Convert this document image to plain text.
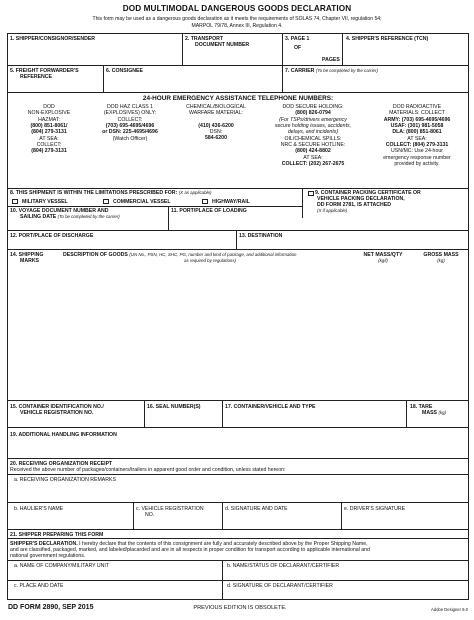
DOD MULTIMODAL DANGEROUS GOODS DECLARATION
This form may be used as a dangerous goods declaration as it meets the requirements of SOLAS 74, Chapter VII, regulation 54;
MARPOL 79/78, Annex III, Regulation 4.
1. SHIPPER/CONSIGNOR/SENDER	2. TRANSPORT
DOCUMENT NUMBER
3. PAGE 1
OF
PAGES
4. SHIPPER'S REFERENCE (TCN)
5. FREIGHT FORWARDER'S
REFERENCE
6. CONSIGNEE	7. CARRIER (To be completed by the carrier)
24-HOUR EMERGENCY ASSISTANCE TELEPHONE NUMBERS:
DOD
NON-EXPLOSIVE
HAZMAT:
(800) 851-8061/
(804) 279-3131
AT SEA:
COLLECT:
(804) 279-3131
DOD HAZ CLASS 1
(EXPLOSIVES) ONLY:
COLLECT:
(703) 695-4695/4696
or DSN: 225-4695/4696
(Watch Officer)
CHEMICAL/BIOLOGICAL
WARFARE MATERIAL:
(410) 436-6200
DSN:
584-6200
DOD SECURE HOLDING:
(800) 826-0794
(For TSPs/drivers emergency
secure holding issues, accidents,
delays, and incidents)
OIL/CHEMICAL SPILLS:
NRC & SECURE HOTLINE:
(800) 424-8802
AT SEA:
COLLECT: (202) 267-2675
DOD RADIOACTIVE
MATERIALS: COLLECT
ARMY: (703) 695-4695/4696
USAF: (301) 981-5058
DLA: (800) 851-8061
AT SEA:
COLLECT: (804) 279-3131
USN/MC: Use 24-hour
emergency response number
provided by activity.
8. THIS SHIPMENT IS WITHIN THE LIMITATIONS PRESCRIBED FOR: (X as applicable)
MILITARY VESSEL	COMMERCIAL VESSEL	HIGHWAY/RAIL
9. CONTAINER PACKING CERTIFICATE OR
VEHICLE PACKING DECLARATION,
DD FORM 2781, IS ATTACHED
(X if applicable)
10. VOYAGE DOCUMENT NUMBER AND
SAILING DATE (To be completed by the carrier)
11. PORT/PLACE OF LOADING
12. PORT/PLACE OF DISCHARGE	13. DESTINATION
14. SHIPPING
MARKS
DESCRIPTION OF GOODS (UN No., PSN, HC, SHC, PG, number and kind of package, and additional information
as required by regulations)
NET MASS/QTY
(kg/l)
GROSS MASS
(kg)
15. CONTAINER IDENTIFICATION NO./
VEHICLE REGISTRATION NO.
16. SEAL NUMBER(S)	17. CONTAINER/VEHICLE AND TYPE	18. TARE
MASS (kg)
19. ADDITIONAL HANDLING INFORMATION
20. RECEIVING ORGANIZATION RECEIPT
Received the above number of packages/containers/trailers in apparent good order and condition, unless stated hereon:
a. RECEIVING ORGANIZATION REMARKS
b. HAULIER'S NAME	c. VEHICLE REGISTRATION
NO.
d. SIGNATURE AND DATE	e. DRIVER'S SIGNATURE
21. SHIPPER PREPARING THIS FORM
SHIPPER'S DECLARATION. I hereby declare that the contents of this consignment are fully and accurately described above by the Proper Shipping Name,
and are classified, packaged, marked, and labeled/placarded and are in all respects in proper condition for transport according to applicable international and
national government regulations.
a. NAME OF COMPANY/MILITARY UNIT	b. NAME/STATUS OF DECLARANT/CERTIFIER
c. PLACE AND DATE	d. SIGNATURE OF DECLARANT/CERTIFIER
DD FORM 2890, SEP 2015	PREVIOUS EDITION IS OBSOLETE.	Adobe Designer 9.0
